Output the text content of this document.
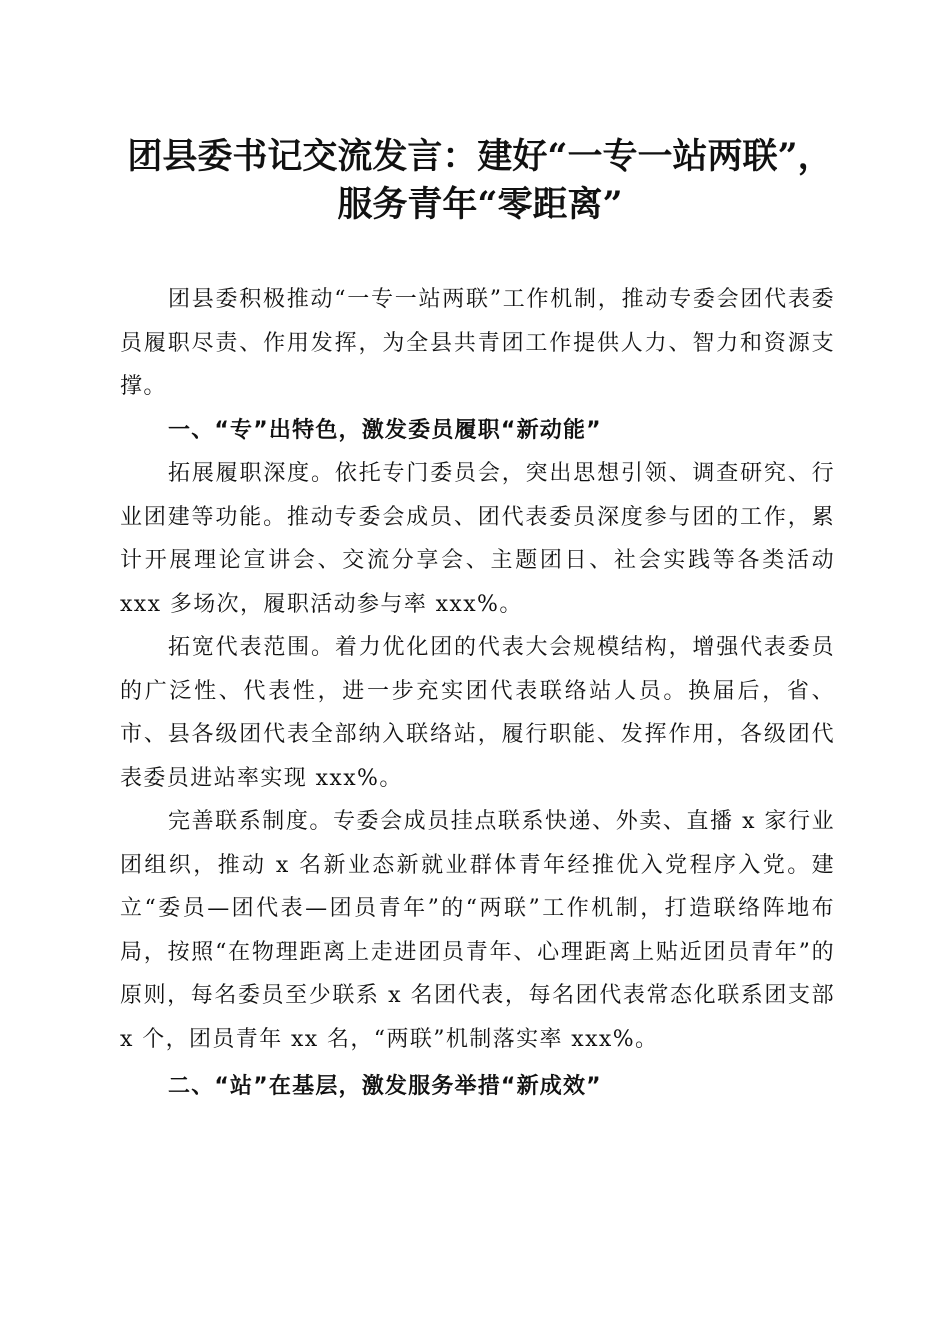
团县委书记交流发言：建好“一专一站两联”，
服务青年“零距离”

团县委积极推动“一专一站两联”工作机制，推动专委会团代表委员履职尽责、作用发挥，为全县共青团工作提供人力、智力和资源支撑。

一、“专”出特色，激发委员履职“新动能”

拓展履职深度。依托专门委员会，突出思想引领、调查研究、行业团建等功能。推动专委会成员、团代表委员深度参与团的工作，累计开展理论宣讲会、交流分享会、主题团日、社会实践等各类活动 xxx 多场次，履职活动参与率 xxx%。

拓宽代表范围。着力优化团的代表大会规模结构，增强代表委员的广泛性、代表性，进一步充实团代表联络站人员。换届后，省、市、县各级团代表全部纳入联络站，履行职能、发挥作用，各级团代表委员进站率实现 xxx%。

完善联系制度。专委会成员挂点联系快递、外卖、直播 x 家行业团组织，推动 x 名新业态新就业群体青年经推优入党程序入党。建立“委员—团代表—团员青年”的“两联”工作机制，打造联络阵地布局，按照“在物理距离上走进团员青年、心理距离上贴近团员青年”的原则，每名委员至少联系 x 名团代表，每名团代表常态化联系团支部 x 个，团员青年 xx 名，“两联”机制落实率 xxx%。

二、“站”在基层，激发服务举措“新成效”
